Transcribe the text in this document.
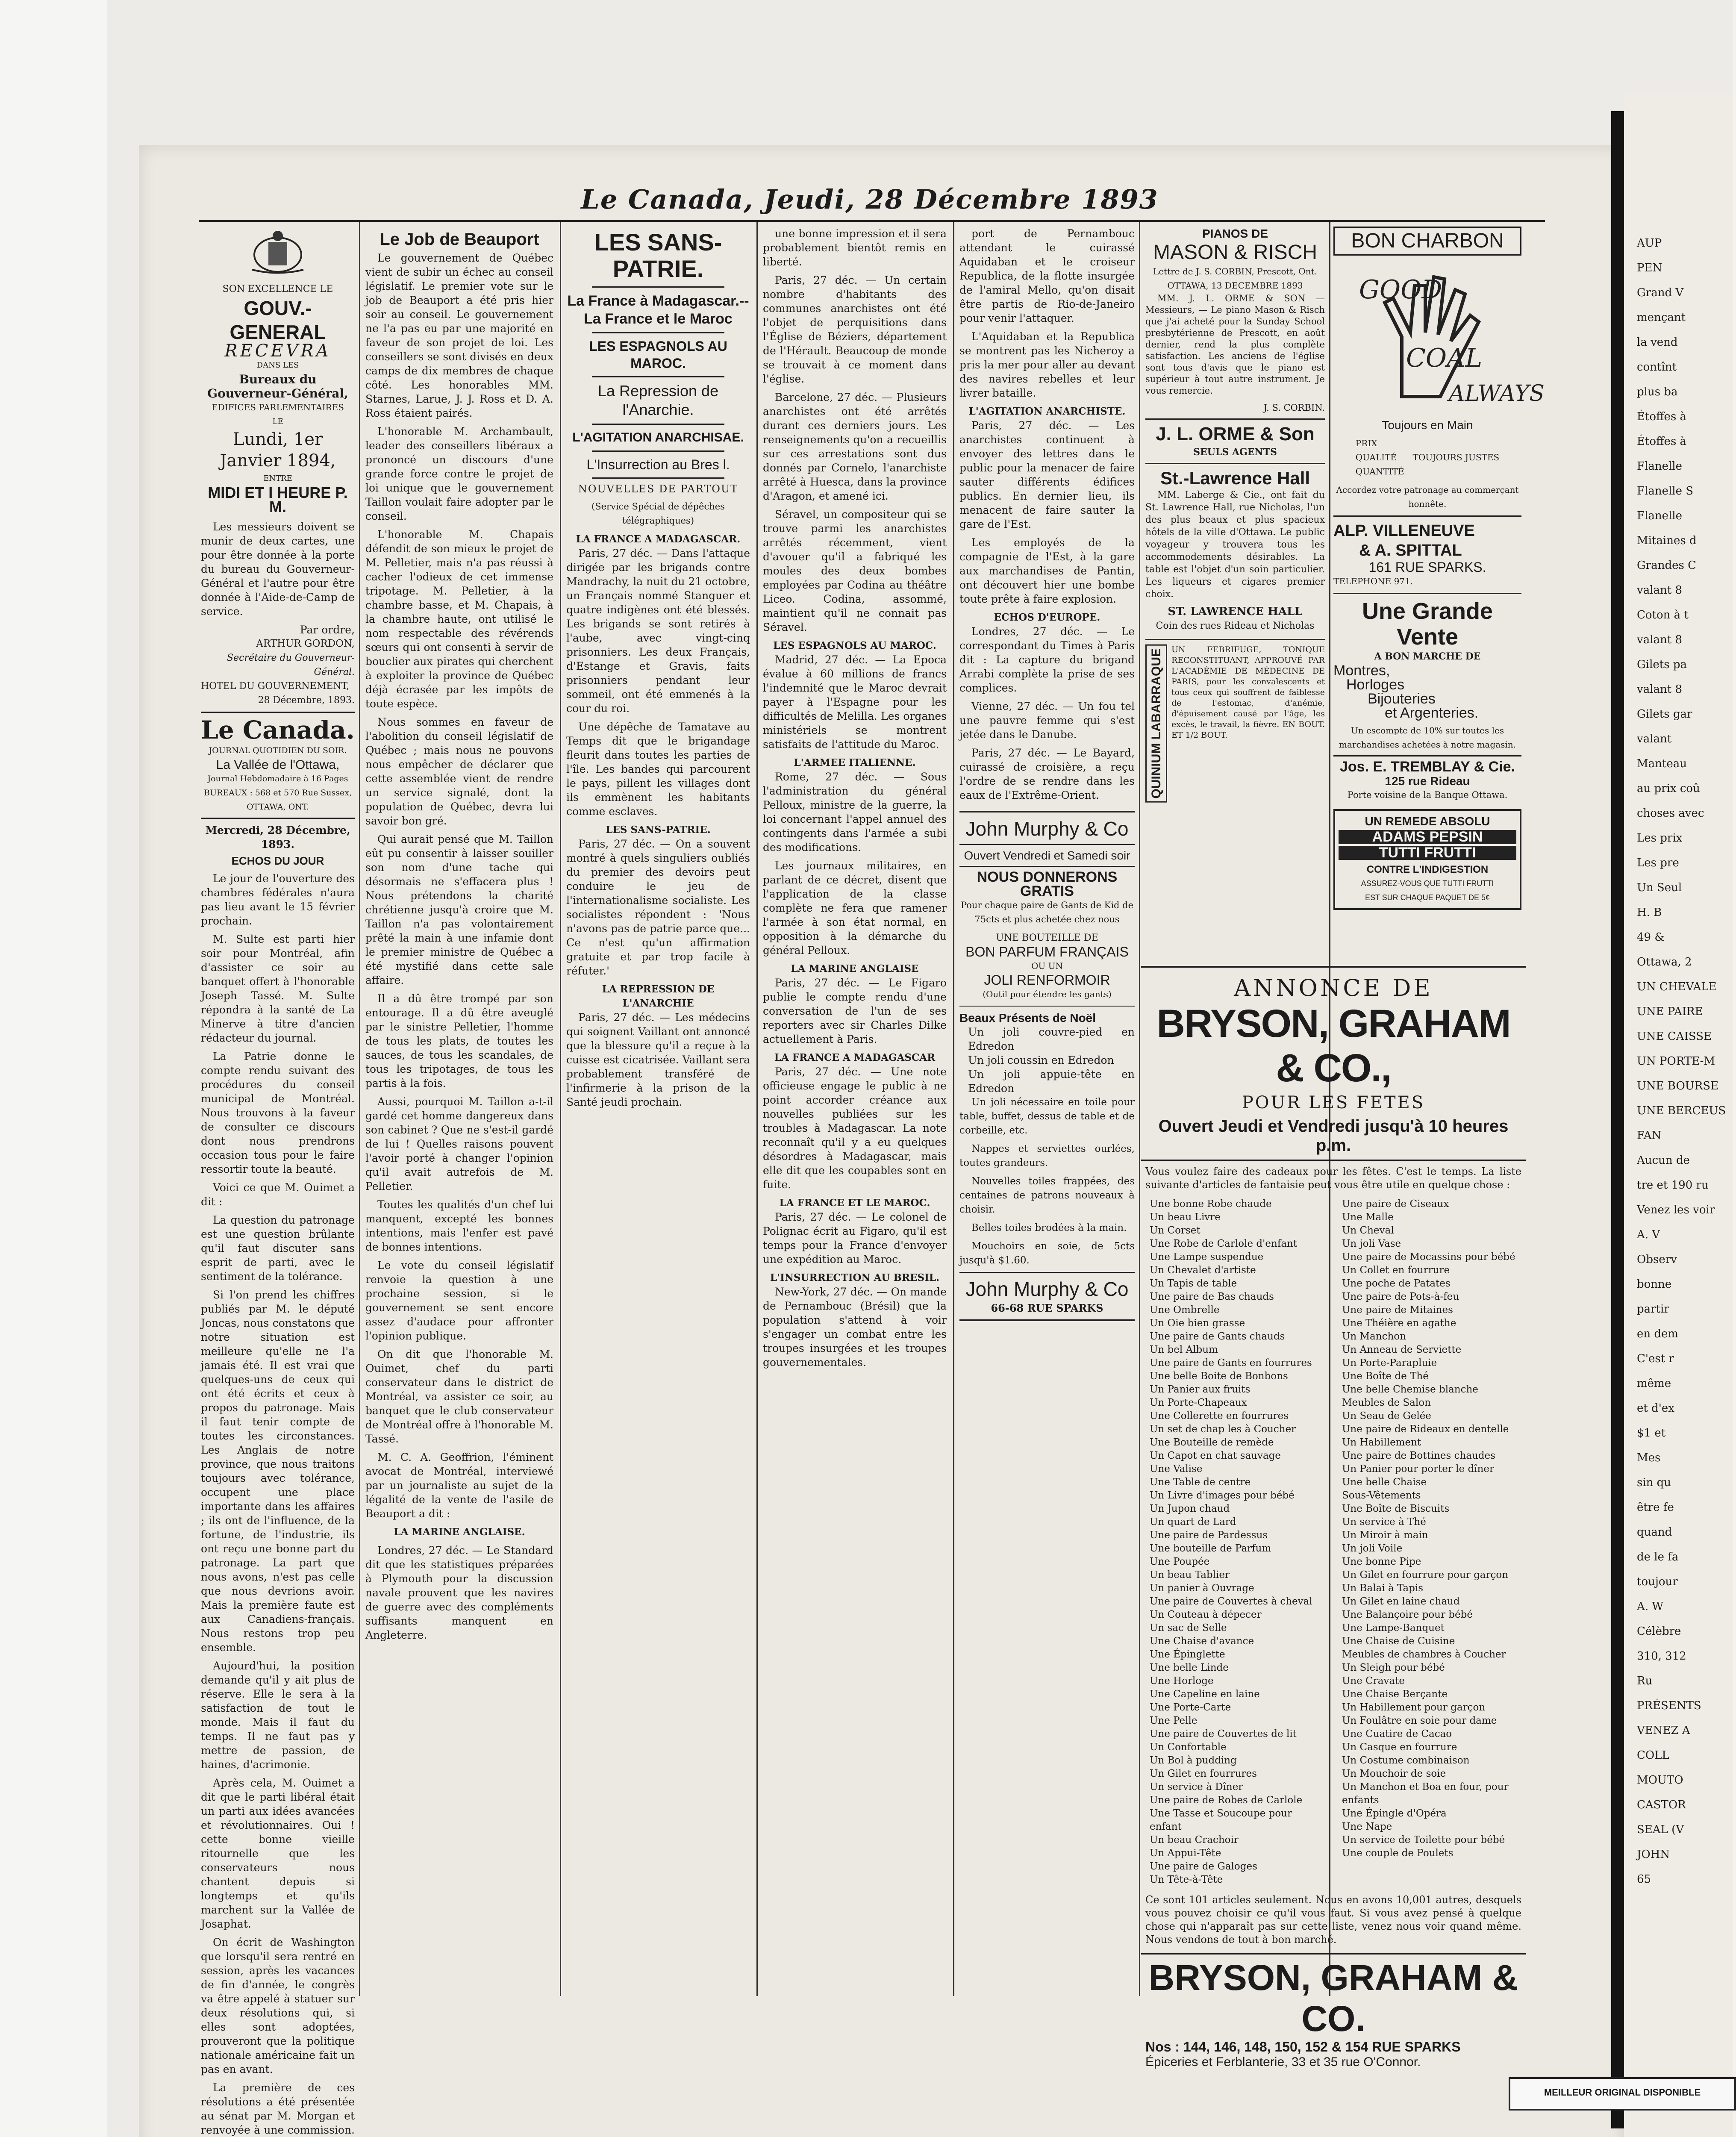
Le Canada, Jeudi, 28 Décembre 1893
SON EXCELLENCE LE
GOUV.-GENERAL
RECEVRA
DANS LES
Bureaux du Gouverneur-Général,
EDIFICES PARLEMENTAIRES
LE
Lundi, 1er Janvier 1894,
ENTRE
MIDI ET I HEURE P. M.

Les messieurs doivent se munir de deux cartes, une pour être donnée à la porte du bureau du Gouverneur-Général et l'autre pour être donnée à l'Aide-de-Camp de service.

Par ordre,
ARTHUR GORDON,
Secrétaire du Gouverneur-Général.
HOTEL DU GOUVERNEMENT,
28 Décembre, 1893.
Le Canada.
JOURNAL QUOTIDIEN DU SOIR.
La Vallée de l'Ottawa,
Journal Hebdomadaire à 16 Pages
BUREAUX : 568 et 570 Rue Sussex,
OTTAWA, ONT.
Mercredi, 28 Décembre, 1893.
ECHOS DU JOUR

Le jour de l'ouverture des chambres fédérales n'aura pas lieu avant le 15 février prochain.

M. Sulte est parti hier soir pour Montréal, afin d'assister ce soir au banquet offert à l'honorable Joseph Tassé. M. Sulte répondra à la santé de La Minerve à titre d'ancien rédacteur du journal.

La Patrie donne le compte rendu suivant des procédures du conseil municipal de Montréal. Nous trouvons à la faveur de consulter ce discours dont nous prendrons occasion tous pour le faire ressortir toute la beauté.

Voici ce que M. Ouimet a dit :

La question du patronage est une question brûlante qu'il faut discuter sans esprit de parti, avec le sentiment de la tolérance.

Si l'on prend les chiffres publiés par M. le député Joncas, nous constatons que notre situation est meilleure qu'elle ne l'a jamais été. Il est vrai que quelques-uns de ceux qui ont été écrits et ceux à propos du patronage. Mais il faut tenir compte de toutes les circonstances. Les Anglais de notre province, que nous traitons toujours avec tolérance, occupent une place importante dans les affaires ; ils ont de l'influence, de la fortune, de l'industrie, ils ont reçu une bonne part du patronage. La part que nous avons, n'est pas celle que nous devrions avoir. Mais la première faute est aux Canadiens-français. Nous restons trop peu ensemble.

Aujourd'hui, la position demande qu'il y ait plus de réserve. Elle le sera à la satisfaction de tout le monde. Mais il faut du temps. Il ne faut pas y mettre de passion, de haines, d'acrimonie.

Après cela, M. Ouimet a dit que le parti libéral était un parti aux idées avancées et révolutionnaires. Oui ! cette bonne vieille ritournelle que les conservateurs nous chantent depuis si longtemps et qu'ils marchent sur la Vallée de Josaphat.

On écrit de Washington que lorsqu'il sera rentré en session, après les vacances de fin d'année, le congrès va être appelé à statuer sur deux résolutions qui, si elles sont adoptées, prouveront que la politique nationale américaine fait un pas en avant.

La première de ces résolutions a été présentée au sénat par M. Morgan et renvoyée à une commission.

Le Job de Beauport

Le gouvernement de Québec vient de subir un échec au conseil législatif. Le premier vote sur le job de Beauport a été pris hier soir au conseil. Le gouvernement ne l'a pas eu par une majorité en faveur de son projet de loi. Les conseillers se sont divisés en deux camps de dix membres de chaque côté. Les honorables MM. Starnes, Larue, J. J. Ross et D. A. Ross étaient pairés.

L'honorable M. Archambault, leader des conseillers libéraux a prononcé un discours d'une grande force contre le projet de loi unique que le gouvernement Taillon voulait faire adopter par le conseil.

L'honorable M. Chapais défendit de son mieux le projet de M. Pelletier, mais n'a pas réussi à cacher l'odieux de cet immense tripotage. M. Pelletier, à la chambre basse, et M. Chapais, à la chambre haute, ont utilisé le nom respectable des révérends sœurs qui ont consenti à servir de bouclier aux pirates qui cherchent à exploiter la province de Québec déjà écrasée par les impôts de toute espèce.

Nous sommes en faveur de l'abolition du conseil législatif de Québec ; mais nous ne pouvons nous empêcher de déclarer que cette assemblée vient de rendre un service signalé, dont la population de Québec, devra lui savoir bon gré.

Qui aurait pensé que M. Taillon eût pu consentir à laisser souiller son nom d'une tache qui désormais ne s'effacera plus ! Nous prétendons la charité chrétienne jusqu'à croire que M. Taillon n'a pas volontairement prêté la main à une infamie dont le premier ministre de Québec a été mystifié dans cette sale affaire.

Il a dû être trompé par son entourage. Il a dû être aveuglé par le sinistre Pelletier, l'homme de tous les plats, de toutes les sauces, de tous les scandales, de tous les tripotages, de tous les partis à la fois.

Aussi, pourquoi M. Taillon a-t-il gardé cet homme dangereux dans son cabinet ? Que ne s'est-il gardé de lui ! Quelles raisons pouvent l'avoir porté à changer l'opinion qu'il avait autrefois de M. Pelletier.

Toutes les qualités d'un chef lui manquent, excepté les bonnes intentions, mais l'enfer est pavé de bonnes intentions.

Le vote du conseil législatif renvoie la question à une prochaine session, si le gouvernement se sent encore assez d'audace pour affronter l'opinion publique.

On dit que l'honorable M. Ouimet, chef du parti conservateur dans le district de Montréal, va assister ce soir, au banquet que le club conservateur de Montréal offre à l'honorable M. Tassé.

M. C. A. Geoffrion, l'éminent avocat de Montréal, interviewé par un journaliste au sujet de la légalité de la vente de l'asile de Beauport a dit :

LA MARINE ANGLAISE.

Londres, 27 déc. — Le Standard dit que les statistiques préparées à Plymouth pour la discussion navale prouvent que les navires de guerre avec des compléments suffisants manquent en Angleterre.

LES SANS-PATRIE.
La France à Madagascar.-- La France et le Maroc
LES ESPAGNOLS AU MAROC.
La Repression de l'Anarchie.
L'AGITATION ANARCHISAE.
L'Insurrection au Bres l.
NOUVELLES DE PARTOUT
(Service Spécial de dépêches télégraphiques)
LA FRANCE A MADAGASCAR.

Paris, 27 déc. — Dans l'attaque dirigée par les brigands contre Mandrachy, la nuit du 21 octobre, un Français nommé Stanguer et quatre indigènes ont été blessés. Les brigands se sont retirés à l'aube, avec vingt-cinq prisonniers. Les deux Français, d'Estange et Gravis, faits prisonniers pendant leur sommeil, ont été emmenés à la cour du roi.

Une dépêche de Tamatave au Temps dit que le brigandage fleurit dans toutes les parties de l'île. Les bandes qui parcourent le pays, pillent les villages dont ils emmènent les habitants comme esclaves.

LES SANS-PATRIE.

Paris, 27 déc. — On a souvent montré à quels singuliers oubliés du premier des devoirs peut conduire le jeu de l'internationalisme socialiste. Les socialistes répondent : 'Nous n'avons pas de patrie parce que... Ce n'est qu'un affirmation gratuite et par trop facile à réfuter.'

LA REPRESSION DE L'ANARCHIE

Paris, 27 déc. — Les médecins qui soignent Vaillant ont annoncé que la blessure qu'il a reçue à la cuisse est cicatrisée. Vaillant sera probablement transféré de l'infirmerie à la prison de la Santé jeudi prochain.

une bonne impression et il sera probablement bientôt remis en liberté.

Paris, 27 déc. — Un certain nombre d'habitants des communes anarchistes ont été l'objet de perquisitions dans l'Église de Béziers, département de l'Hérault. Beaucoup de monde se trouvait à ce moment dans l'église.

Barcelone, 27 déc. — Plusieurs anarchistes ont été arrêtés durant ces derniers jours. Les renseignements qu'on a recueillis sur ces arrestations sont dus donnés par Cornelo, l'anarchiste arrêté à Huesca, dans la province d'Aragon, et amené ici.

Séravel, un compositeur qui se trouve parmi les anarchistes arrêtés récemment, vient d'avouer qu'il a fabriqué les moules des deux bombes employées par Codina au théâtre Liceo. Codina, assommé, maintient qu'il ne connait pas Séravel.

LES ESPAGNOLS AU MAROC.

Madrid, 27 déc. — La Epoca évalue à 60 millions de francs l'indemnité que le Maroc devrait payer à l'Espagne pour les difficultés de Melilla. Les organes ministériels se montrent satisfaits de l'attitude du Maroc.

L'ARMEE ITALIENNE.

Rome, 27 déc. — Sous l'administration du général Pelloux, ministre de la guerre, la loi concernant l'appel annuel des contingents dans l'armée a subi des modifications.

Les journaux militaires, en parlant de ce décret, disent que l'application de la classe complète ne fera que ramener l'armée à son état normal, en opposition à la démarche du général Pelloux.

LA MARINE ANGLAISE

Paris, 27 déc. — Le Figaro publie le compte rendu d'une conversation de l'un de ses reporters avec sir Charles Dilke actuellement à Paris.

LA FRANCE A MADAGASCAR

Paris, 27 déc. — Une note officieuse engage le public à ne point accorder créance aux nouvelles publiées sur les troubles à Madagascar. La note reconnaît qu'il y a eu quelques désordres à Madagascar, mais elle dit que les coupables sont en fuite.

LA FRANCE ET LE MAROC.

Paris, 27 déc. — Le colonel de Polignac écrit au Figaro, qu'il est temps pour la France d'envoyer une expédition au Maroc.

L'INSURRECTION AU BRESIL.

New-York, 27 déc. — On mande de Pernambouc (Brésil) que la population s'attend à voir s'engager un combat entre les troupes insurgées et les troupes gouvernementales.

port de Pernambouc attendant le cuirassé Aquidaban et le croiseur Republica, de la flotte insurgée de l'amiral Mello, qu'on disait être partis de Rio-de-Janeiro pour venir l'attaquer.

L'Aquidaban et la Republica se montrent pas les Nicheroy a pris la mer pour aller au devant des navires rebelles et leur livrer bataille.

L'AGITATION ANARCHISTE.

Paris, 27 déc. — Les anarchistes continuent à envoyer des lettres dans le public pour la menacer de faire sauter différents édifices publics. En dernier lieu, ils menacent de faire sauter la gare de l'Est.

Les employés de la compagnie de l'Est, à la gare aux marchandises de Pantin, ont découvert hier une bombe toute prête à faire explosion.

ECHOS D'EUROPE.

Londres, 27 déc. — Le correspondant du Times à Paris dit : La capture du brigand Arrabi complète la prise de ses complices.

Vienne, 27 déc. — Un fou tel une pauvre femme qui s'est jetée dans le Danube.

Paris, 27 déc. — Le Bayard, cuirassé de croisière, a reçu l'ordre de se rendre dans les eaux de l'Extrême-Orient.

John Murphy & Co
Ouvert Vendredi et Samedi soir
NOUS DONNERONS GRATIS
Pour chaque paire de Gants de Kid de 75cts et plus achetée chez nous
UNE BOUTEILLE DE
BON PARFUM FRANÇAIS
OU UN
JOLI RENFORMOIR
(Outil pour étendre les gants)
Beaux Présents de Noël
Un joli couvre-pied en Edredon
Un joli coussin en Edredon
Un joli appuie-tête en Edredon

Un joli nécessaire en toile pour table, buffet, dessus de table et de corbeille, etc.

Nappes et serviettes ourlées, toutes grandeurs.

Nouvelles toiles frappées, des centaines de patrons nouveaux à choisir.

Belles toiles brodées à la main.

Mouchoirs en soie, de 5cts jusqu'à $1.60.

John Murphy & Co
66-68 RUE SPARKS
PIANOS DE
MASON & RISCH
Lettre de J. S. CORBIN, Prescott, Ont.
OTTAWA, 13 DECEMBRE 1893

MM. J. L. ORME & SON — Messieurs, — Le piano Mason & Risch que j'ai acheté pour la Sunday School presbytérienne de Prescott, en août dernier, rend la plus complète satisfaction. Les anciens de l'église sont tous d'avis que le piano est supérieur à tout autre instrument. Je vous remercie.

J. S. CORBIN.
J. L. ORME & Son
SEULS AGENTS
St.-Lawrence Hall

MM. Laberge & Cie., ont fait du St. Lawrence Hall, rue Nicholas, l'un des plus beaux et plus spacieux hôtels de la ville d'Ottawa. Le public voyageur y trouvera tous les accommodements désirables. La table est l'objet d'un soin particulier. Les liqueurs et cigares premier choix.

ST. LAWRENCE HALL
Coin des rues Rideau et Nicholas
QUINIUM LABARRAQUE	UN FEBRIFUGE, TONIQUE RECONSTITUANT, APPROUVÉ PAR L'ACADÉMIE DE MÉDECINE DE PARIS, pour les convalescents et tous ceux qui souffrent de faiblesse de l'estomac, d'anémie, d'épuisement causé par l'âge, les excès, le travail, la fièvre. EN BOUT. ET 1/2 BOUT.
BON CHARBON
GOOD
COAL
ALWAYS
Toujours en Main
PRIX
QUALITÉ
QUANTITÉ
TOUJOURS JUSTES
Accordez votre patronage au commerçant honnête.
ALP. VILLENEUVE
& A. SPITTAL
161 RUE SPARKS.
TELEPHONE 971.
Une Grande Vente
A BON MARCHE DE
Montres,
Horloges
Bijouteries
et Argenteries.
Un escompte de 10% sur toutes les marchandises achetées à notre magasin.
Jos. E. TREMBLAY & Cie.
125 rue Rideau
Porte voisine de la Banque Ottawa.
UN REMEDE ABSOLU
ADAMS PEPSIN
TUTTI FRUTTI
CONTRE L'INDIGESTION
ASSUREZ-VOUS QUE TUTTI FRUTTI
EST SUR CHAQUE PAQUET DE 5¢
ANNONCE DE
BRYSON, GRAHAM & CO.,
POUR LES FETES
Ouvert Jeudi et Vendredi jusqu'à 10 heures p.m.

Vous voulez faire des cadeaux pour les fêtes. C'est le temps. La liste suivante d'articles de fantaisie peut vous être utile en quelque chose :

Une bonne Robe chaude
Un beau Livre
Un Corset
Une Robe de Carlole d'enfant
Une Lampe suspendue
Un Chevalet d'artiste
Un Tapis de table
Une paire de Bas chauds
Une Ombrelle
Un Oie bien grasse
Une paire de Gants chauds
Un bel Album
Une paire de Gants en fourrures
Une belle Boite de Bonbons
Un Panier aux fruits
Un Porte-Chapeaux
Une Collerette en fourrures
Un set de chap les à Coucher
Une Bouteille de remède
Un Capot en chat sauvage
Une Valise
Une Table de centre
Un Livre d'images pour bébé
Un Jupon chaud
Un quart de Lard
Une paire de Pardessus
Une bouteille de Parfum
Une Poupée
Un beau Tablier
Un panier à Ouvrage
Une paire de Couvertes à cheval
Un Couteau à dépecer
Un sac de Selle
Une Chaise d'avance
Une Épinglette
Une belle Linde
Une Horloge
Une Capeline en laine
Une Porte-Carte
Une Pelle
Une paire de Couvertes de lit
Un Confortable
Un Bol à pudding
Un Gilet en fourrures
Un service à Dîner
Une paire de Robes de Carlole
Une Tasse et Soucoupe pour enfant
Un beau Crachoir
Un Appui-Tête
Une paire de Galoges
Un Tête-à-Tête
Une paire de Ciseaux
Une Malle
Un Cheval
Un joli Vase
Une paire de Mocassins pour bébé
Un Collet en fourrure
Une poche de Patates
Une paire de Pots-à-feu
Une paire de Mitaines
Une Théière en agathe
Un Manchon
Un Anneau de Serviette
Un Porte-Parapluie
Une Boîte de Thé
Une belle Chemise blanche
Meubles de Salon
Un Seau de Gelée
Une paire de Rideaux en dentelle
Un Habillement
Une paire de Bottines chaudes
Un Panier pour porter le dîner
Une belle Chaise
Sous-Vêtements
Une Boîte de Biscuits
Un service à Thé
Un Miroir à main
Un joli Voile
Une bonne Pipe
Un Gilet en fourrure pour garçon
Un Balai à Tapis
Un Gilet en laine chaud
Une Balançoire pour bébé
Une Lampe-Banquet
Une Chaise de Cuisine
Meubles de chambres à Coucher
Un Sleigh pour bébé
Une Cravate
Une Chaise Berçante
Un Habillement pour garçon
Un Foulâtre en soie pour dame
Une Cuatire de Cacao
Un Casque en fourrure
Un Costume combinaison
Un Mouchoir de soie
Un Manchon et Boa en four, pour enfants
Une Épingle d'Opéra
Une Nape
Un service de Toilette pour bébé
Une couple de Poulets

Ce sont 101 articles seulement. Nous en avons 10,001 autres, desquels vous pouvez choisir ce qu'il vous faut. Si vous avez pensé à quelque chose qui n'apparaît pas sur cette liste, venez nous voir quand même. Nous vendons de tout à bon marché.

BRYSON, GRAHAM & CO.
Nos : 144, 146, 148, 150, 152 & 154 RUE SPARKS
Épiceries et Ferblanterie, 33 et 35 rue O'Connor.
AUP
PEN
Grand V
mençant
la vend
contînt
plus ba
Étoffes à
Étoffes à
Flanelle
Flanelle S
Flanelle
Mitaines d
Grandes C
valant 8
Coton à t
valant 8
Gilets pa
valant 8
Gilets gar
valant
Manteau
au prix coû
choses avec
Les prix
Les pre
Un Seul
H. B
49 &
Ottawa, 2
UN CHEVALE
UNE PAIRE
UNE CAISSE
UN PORTE-M
UNE BOURSE
UNE BERCEUS
FAN
Aucun de
tre et 190 ru
Venez les voir
A. V
Observ
bonne
partir
en dem
C'est r
même
et d'ex
$1 et
Mes
sin qu
être fe
quand
de le fa
toujour
A. W
Célèbre
310, 312
Ru
PRÉSENTS
VENEZ A
COLL
MOUTO
CASTOR
SEAL (V
JOHN
65
MEILLEUR ORIGINAL DISPONIBLE
